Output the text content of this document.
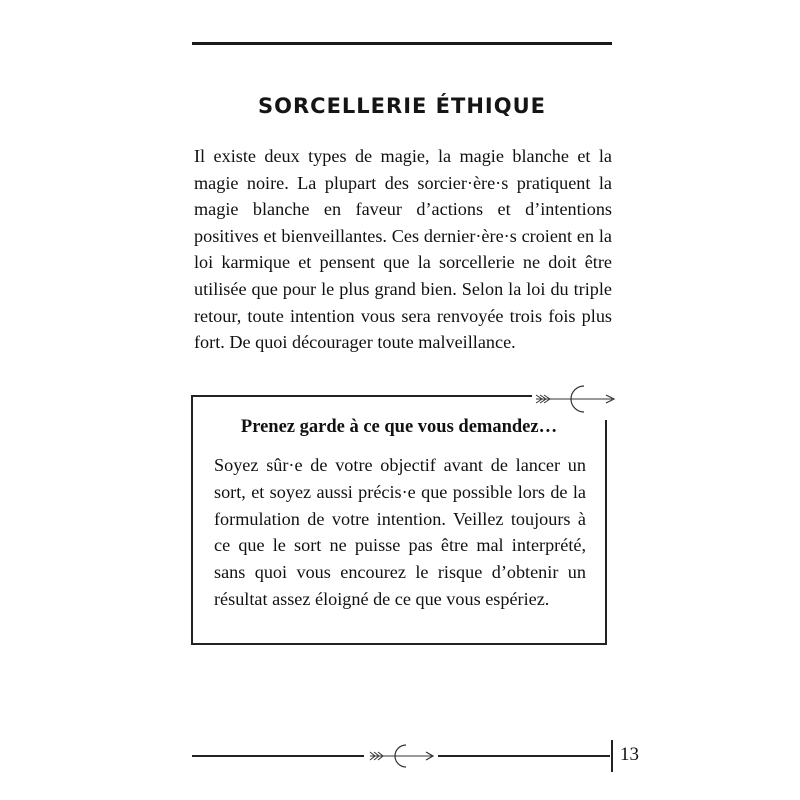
SORCELLERIE ÉTHIQUE

Il existe deux types de magie, la magie blanche et la magie noire. La plupart des sorcier·ère·s pratiquent la magie blanche en faveur d’actions et d’intentions positives et bienveillantes. Ces dernier·ère·s croient en la loi karmique et pensent que la sorcellerie ne doit être utilisée que pour le plus grand bien. Selon la loi du triple retour, toute intention vous sera renvoyée trois fois plus fort. De quoi décourager toute malveillance.

Prenez garde à ce que vous demandez…

Soyez sûr·e de votre objectif avant de lancer un sort, et soyez aussi précis·e que possible lors de la formulation de votre intention. Veillez toujours à ce que le sort ne puisse pas être mal interprété, sans quoi vous encourez le risque d’obtenir un résultat assez éloigné de ce que vous espériez.

13
